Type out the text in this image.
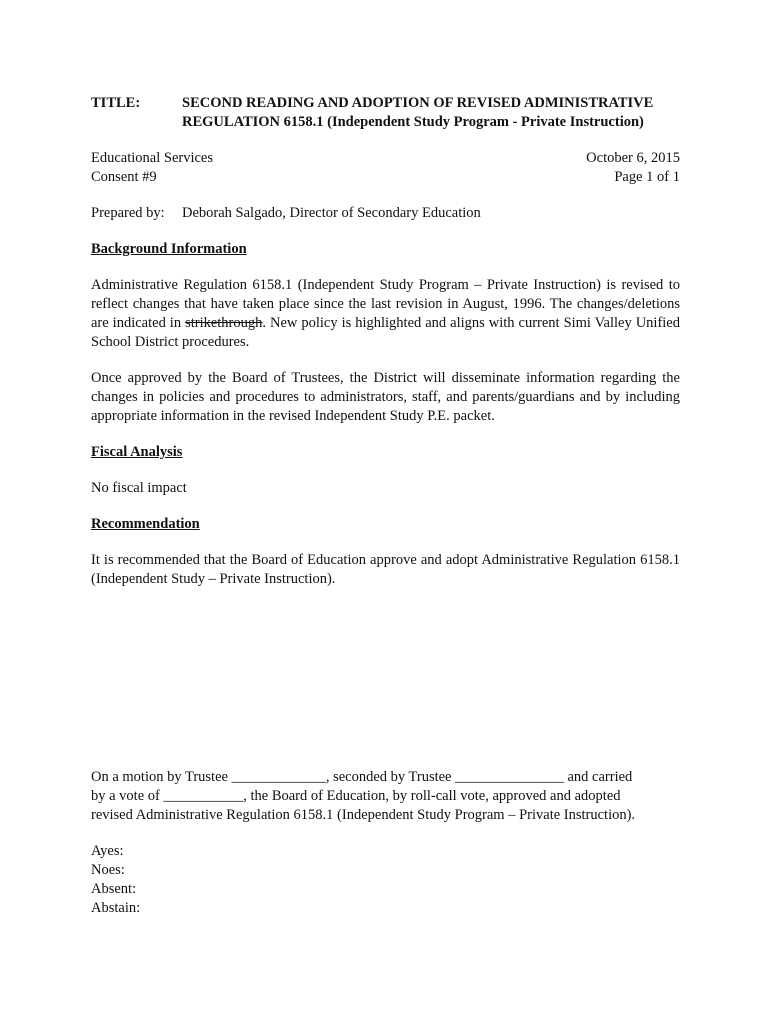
TITLE:	SECOND READING AND ADOPTION OF REVISED ADMINISTRATIVE
REGULATION 6158.1 (Independent Study Program - Private Instruction)
Educational Services
Consent #9
October 6, 2015
Page 1 of 1
Prepared by:	Deborah Salgado, Director of Secondary Education
Background Information

Administrative Regulation 6158.1 (Independent Study Program – Private Instruction) is revised to reflect changes that have taken place since the last revision in August, 1996. The changes/deletions are indicated in strikethrough. New policy is highlighted and aligns with current Simi Valley Unified School District procedures.

Once approved by the Board of Trustees, the District will disseminate information regarding the changes in policies and procedures to administrators, staff, and parents/guardians and by including appropriate information in the revised Independent Study P.E. packet.

Fiscal Analysis

No fiscal impact

Recommendation

It is recommended that the Board of Education approve and adopt Administrative Regulation 6158.1 (Independent Study – Private Instruction).

On a motion by Trustee _____________, seconded by Trustee _______________ and carried

by a vote of ___________, the Board of Education, by roll-call vote, approved and adopted

revised Administrative Regulation 6158.1 (Independent Study Program – Private Instruction).

Ayes:
Noes:
Absent:
Abstain:
